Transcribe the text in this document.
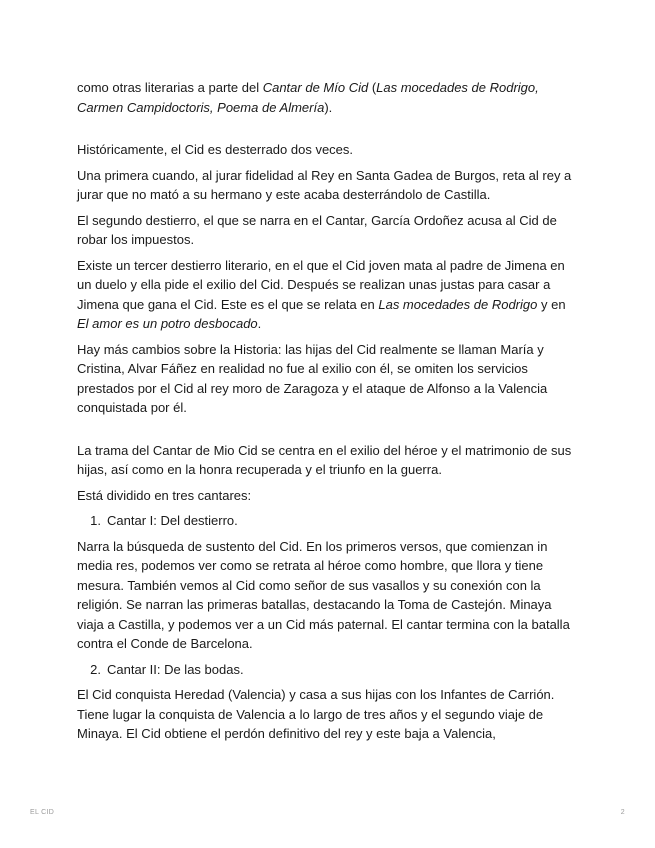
como otras literarias a parte del Cantar de Mío Cid (Las mocedades de Rodrigo, Carmen Campidoctoris, Poema de Almería).

Históricamente, el Cid es desterrado dos veces.

Una primera cuando, al jurar fidelidad al Rey en Santa Gadea de Burgos, reta al rey a jurar que no mató a su hermano y este acaba desterrándolo de Castilla.

El segundo destierro, el que se narra en el Cantar, García Ordoñez acusa al Cid de robar los impuestos.

Existe un tercer destierro literario, en el que el Cid joven mata al padre de Jimena en un duelo y ella pide el exilio del Cid. Después se realizan unas justas para casar a Jimena que gana el Cid. Este es el que se relata en Las mocedades de Rodrigo y en El amor es un potro desbocado.

Hay más cambios sobre la Historia: las hijas del Cid realmente se llaman María y Cristina, Alvar Fáñez en realidad no fue al exilio con él, se omiten los servicios prestados por el Cid al rey moro de Zaragoza y el ataque de Alfonso a la Valencia conquistada por él.

La trama del Cantar de Mio Cid se centra en el exilio del héroe y el matrimonio de sus hijas, así como en la honra recuperada y el triunfo en la guerra.

Está dividido en tres cantares:

1. Cantar I: Del destierro.

Narra la búsqueda de sustento del Cid. En los primeros versos, que comienzan in media res, podemos ver como se retrata al héroe como hombre, que llora y tiene mesura. También vemos al Cid como señor de sus vasallos y su conexión con la religión. Se narran las primeras batallas, destacando la Toma de Castejón. Minaya viaja a Castilla, y podemos ver a un Cid más paternal. El cantar termina con la batalla contra el Conde de Barcelona.

2. Cantar II: De las bodas.

El Cid conquista Heredad (Valencia) y casa a sus hijas con los Infantes de Carrión. Tiene lugar la conquista de Valencia a lo largo de tres años y el segundo viaje de Minaya. El Cid obtiene el perdón definitivo del rey y este baja a Valencia,

EL CID	2
